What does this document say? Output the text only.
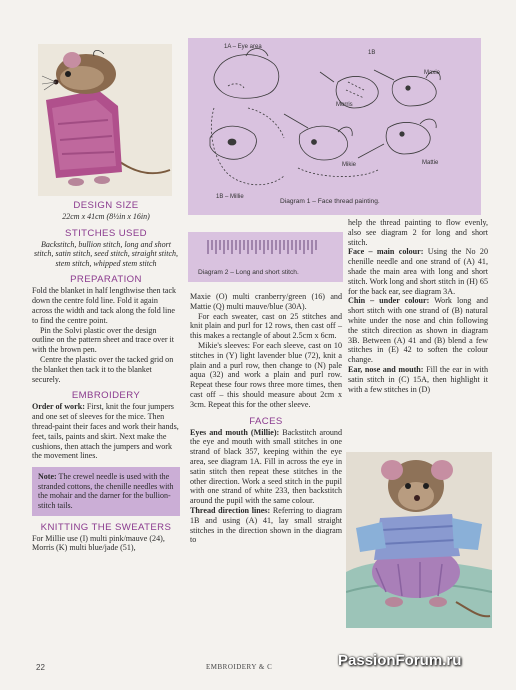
1A – Eye area
1B
Maxie
Morris
Mikie	Mattie
1B – Millie
Diagram 1 – Face thread painting.
Diagram 2 – Long and short stitch.

DESIGN SIZE

22cm x 41cm (8½in x 16in)

STITCHES USED

Backstitch, bullion stitch, long and short stitch, satin stitch, seed stitch, straight stitch, stem stitch, whipped stem stitch

PREPARATION

Fold the blanket in half lengthwise then tack down the centre fold line. Fold it again across the width and tack along the fold line to find the centre point.

Pin the Solvi plastic over the design outline on the pattern sheet and trace over it with the brown pen.

Centre the plastic over the tacked grid on the blanket then tack it to the blanket securely.

EMBROIDERY

Order of work: First, knit the four jumpers and one set of sleeves for the mice. Then thread-paint their faces and work their hands, feet, tails, paints and skirt. Next make the cushions, then attach the jumpers and work the movement lines.

Note: The crewel needle is used with the stranded cottons, the chenille needles with the mohair and the darner for the bullion-stitch tails.

KNITTING THE SWEATERS

For Millie use (I) multi pink/mauve (24), Morris (K) multi blue/jade (51),

Maxie (O) multi cranberry/green (16) and Mattie (Q) multi mauve/blue (30A).

For each sweater, cast on 25 stitches and knit plain and purl for 12 rows, then cast off – this makes a rectangle of about 2.5cm x 6cm.

Mikie's sleeves: For each sleeve, cast on 10 stitches in (Y) light lavender blue (72), knit a plain and a purl row, then change to (N) pale aqua (32) and work a plain and purl row. Repeat these four rows three more times, then cast off – this should measure about 2cm x 3cm. Repeat this for the other sleeve.

FACES

Eyes and mouth (Millie): Backstitch around the eye and mouth with small stitches in one strand of black 357, keeping within the eye area, see diagram 1A. Fill in across the eye in satin stitch then repeat these stitches in the other direction. Work a seed stitch in the pupil with one strand of white 233, then backstitch around the pupil with the same colour.

Thread direction lines: Referring to diagram 1B and using (A) 41, lay small straight stitches in the direction shown in the diagram to

help the thread painting to flow evenly, also see diagram 2 for long and short stitch.

Face – main colour: Using the No 20 chenille needle and one strand of (A) 41, shade the main area with long and short stitch. Work long and short stitch in (H) 65 for the back ear, see diagram 3A.

Chin – under colour: Work long and short stitch with one strand of (B) natural white under the nose and chin following the stitch direction as shown in diagram 3B. Between (A) 41 and (B) blend a few stitches in (E) 42 to soften the colour change.

Ear, nose and mouth: Fill the ear in with satin stitch in (C) 15A, then highlight it with a few stitches in (D)

22	EMBROIDERY & C	PassionForum.ru
